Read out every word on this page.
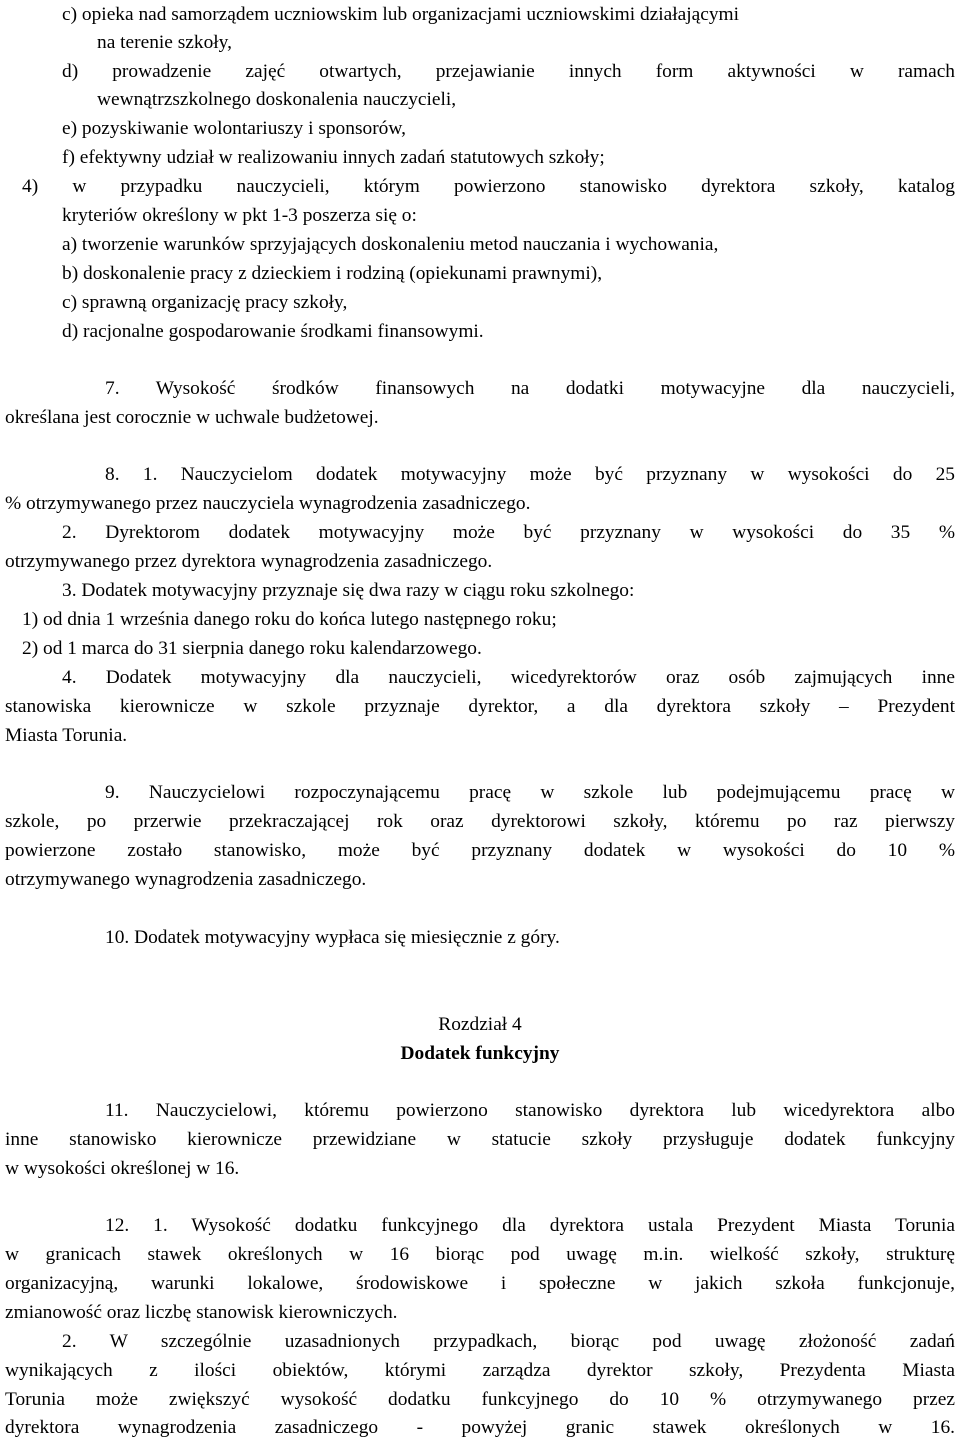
c) opieka nad samorządem uczniowskim lub organizacjami uczniowskimi działającymi
na terenie szkoły,
d) prowadzenie zajęć otwartych, przejawianie innych form aktywności w ramach
wewnątrzszkolnego doskonalenia nauczycieli,
e) pozyskiwanie wolontariuszy i sponsorów,
f) efektywny udział w realizowaniu innych zadań statutowych szkoły;
4) w przypadku nauczycieli, którym powierzono stanowisko dyrektora szkoły, katalog
kryteriów określony w pkt 1-3 poszerza się o:
a) tworzenie warunków sprzyjających doskonaleniu metod nauczania i wychowania,
b) doskonalenie pracy z dzieckiem i rodziną (opiekunami prawnymi),
c) sprawną organizację pracy szkoły,
d) racjonalne gospodarowanie środkami finansowymi.
7. Wysokość środków finansowych na dodatki motywacyjne dla nauczycieli,
określana jest corocznie w uchwale budżetowej.
8. 1. Nauczycielom dodatek motywacyjny może być przyznany w wysokości do 25
% otrzymywanego przez nauczyciela wynagrodzenia zasadniczego.
2. Dyrektorom dodatek motywacyjny może być przyznany w wysokości do 35 %
otrzymywanego przez dyrektora wynagrodzenia zasadniczego.
3. Dodatek motywacyjny przyznaje się dwa razy w ciągu roku szkolnego:
1) od dnia 1 września danego roku do końca lutego następnego roku;
2) od 1 marca do 31 sierpnia danego roku kalendarzowego.
4. Dodatek motywacyjny dla nauczycieli, wicedyrektorów oraz osób zajmujących inne
stanowiska kierownicze w szkole przyznaje dyrektor, a dla dyrektora szkoły – Prezydent
Miasta Torunia.
9. Nauczycielowi rozpoczynającemu pracę w szkole lub podejmującemu pracę w
szkole, po przerwie przekraczającej rok oraz dyrektorowi szkoły, któremu po raz pierwszy
powierzone zostało stanowisko, może być przyznany dodatek w wysokości do 10 %
otrzymywanego wynagrodzenia zasadniczego.
10. Dodatek motywacyjny wypłaca się miesięcznie z góry.
Rozdział 4
Dodatek funkcyjny
11. Nauczycielowi, któremu powierzono stanowisko dyrektora lub wicedyrektora albo
inne stanowisko kierownicze przewidziane w statucie szkoły przysługuje dodatek funkcyjny
w wysokości określonej w 16.
12. 1. Wysokość dodatku funkcyjnego dla dyrektora ustala Prezydent Miasta Torunia
w granicach stawek określonych w 16 biorąc pod uwagę m.in. wielkość szkoły, strukturę
organizacyjną, warunki lokalowe, środowiskowe i społeczne w jakich szkoła funkcjonuje,
zmianowość oraz liczbę stanowisk kierowniczych.
2. W szczególnie uzasadnionych przypadkach, biorąc pod uwagę złożoność zadań
wynikających z ilości obiektów, którymi zarządza dyrektor szkoły, Prezydenta Miasta
Torunia może zwiększyć wysokość dodatku funkcyjnego do 10 % otrzymywanego przez
dyrektora wynagrodzenia zasadniczego - powyżej granic stawek określonych w 16.
